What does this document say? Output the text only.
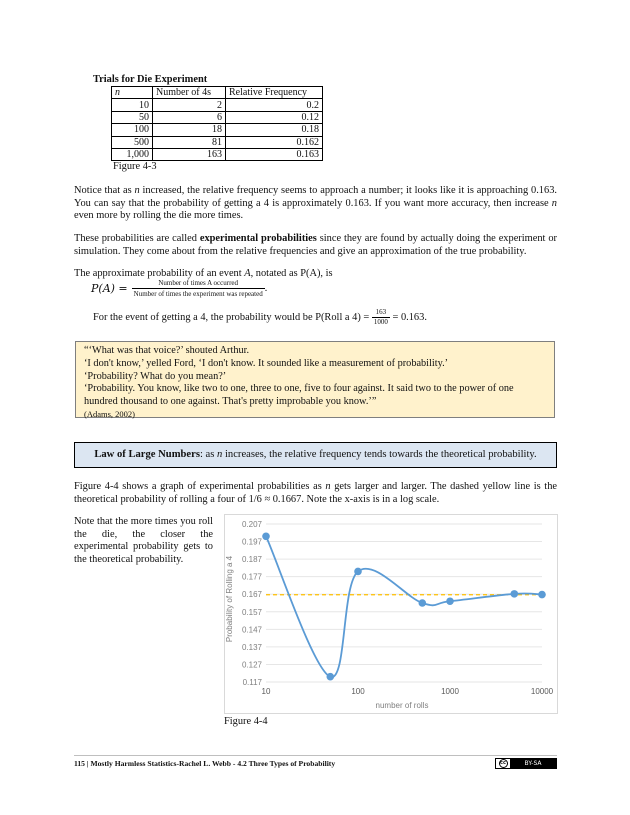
Trials for Die Experiment
n	Number of 4s	Relative Frequency
10	2	0.2
50	6	0.12
100	18	0.18
500	81	0.162
1,000	163	0.163
Figure 4-3
Notice that as n increased, the relative frequency seems to approach a number; it looks like it is approaching 0.163. You can say that the probability of getting a 4 is approximately 0.163. If you want more accuracy, then increase n even more by rolling the die more times.
These probabilities are called experimental probabilities since they are found by actually doing the experiment or simulation. They come about from the relative frequencies and give an approximation of the true probability.
The approximate probability of an event A, notated as P(A), is
$P(A) = \frac{\text{Number of times A occurred}}{\text{Number of times the experiment was repeated}}$ .
For the event of getting a 4, the probability would be P(Roll a $4) = \frac{163}{1000} = 0.163$.

“‘What was that voice?’ shouted Arthur.

‘I don't know,’ yelled Ford, ‘I don't know. It sounded like a measurement of probability.’

‘Probability? What do you mean?’

‘Probability. You know, like two to one, three to one, five to four against. It said two to the power of one hundred thousand to one against. That's pretty improbable you know.’”

(Adams, 2002)

Law of Large Numbers: as n increases, the relative frequency tends towards the theoretical probability.
Figure 4-4 shows a graph of experimental probabilities as n gets larger and larger. The dashed yellow line is the theoretical probability of rolling a four of 1/6 ≈ 0.1667. Note the x-axis is in a log scale.
Note that the more times you roll the die, the closer the experimental probability gets to the theoretical probability.
0.207
0.197
0.187
0.177
0.167
0.157
0.147
0.137
0.127
0.117
10	100	1000	10000
number of rolls
Probability of Rolling a 4
Figure 4-4
115 | Mostly Harmless Statistics-Rachel L. Webb - 4.2 Three Types of Probability	cc	BY-SA
